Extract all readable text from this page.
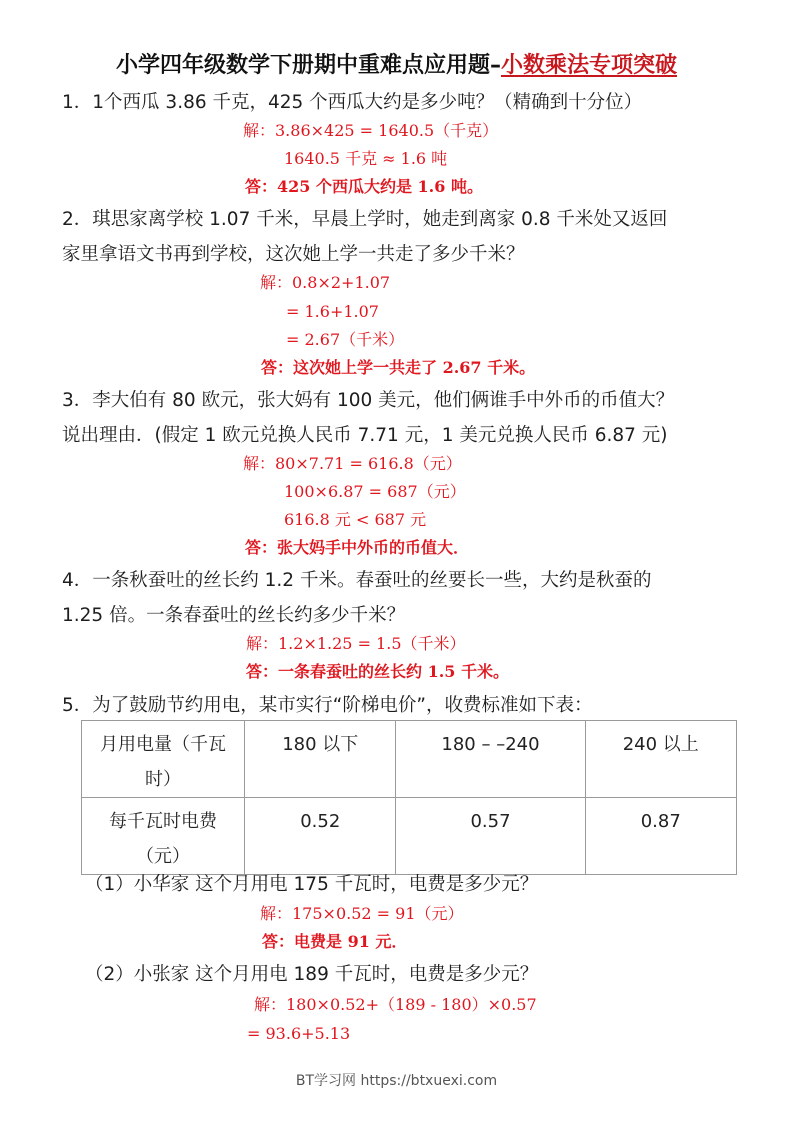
小学四年级数学下册期中重难点应用题–小数乘法专项突破
1．1个西瓜 3.86 千克，425 个西瓜大约是多少吨？（精确到十分位）
解：3.86×425 = 1640.5（千克）
1640.5 千克 ≈ 1.6 吨
答：425 个西瓜大约是 1.6 吨。
2．琪思家离学校 1.07 千米，早晨上学时，她走到离家 0.8 千米处又返回
家里拿语文书再到学校，这次她上学一共走了多少千米？
解：0.8×2+1.07
= 1.6+1.07
= 2.67（千米）
答：这次她上学一共走了 2.67 千米。
3．李大伯有 80 欧元，张大妈有 100 美元，他们俩谁手中外币的币值大？
说出理由．(假定 1 欧元兑换人民币 7.71 元，1 美元兑换人民币 6.87 元)
解：80×7.71 = 616.8（元）
100×6.87 = 687（元）
616.8 元 < 687 元
答：张大妈手中外币的币值大．
4．一条秋蚕吐的丝长约 1.2 千米。春蚕吐的丝要长一些，大约是秋蚕的
1.25 倍。一条春蚕吐的丝长约多少千米？
解：1.2×1.25 = 1.5（千米）
答：一条春蚕吐的丝长约 1.5 千米。
5．为了鼓励节约用电，某市实行“阶梯电价”，收费标准如下表：
月用电量（千瓦时）	180 以下	180 – –240	240 以上
每千瓦时电费（元）	0.52	0.57	0.87
（1）小华家 这个月用电 175 千瓦时，电费是多少元？
解：175×0.52 = 91（元）
答：电费是 91 元．
（2）小张家 这个月用电 189 千瓦时，电费是多少元？
解：180×0.52+（189 - 180）×0.57
= 93.6+5.13
BT学习网 https://btxuexi.com
